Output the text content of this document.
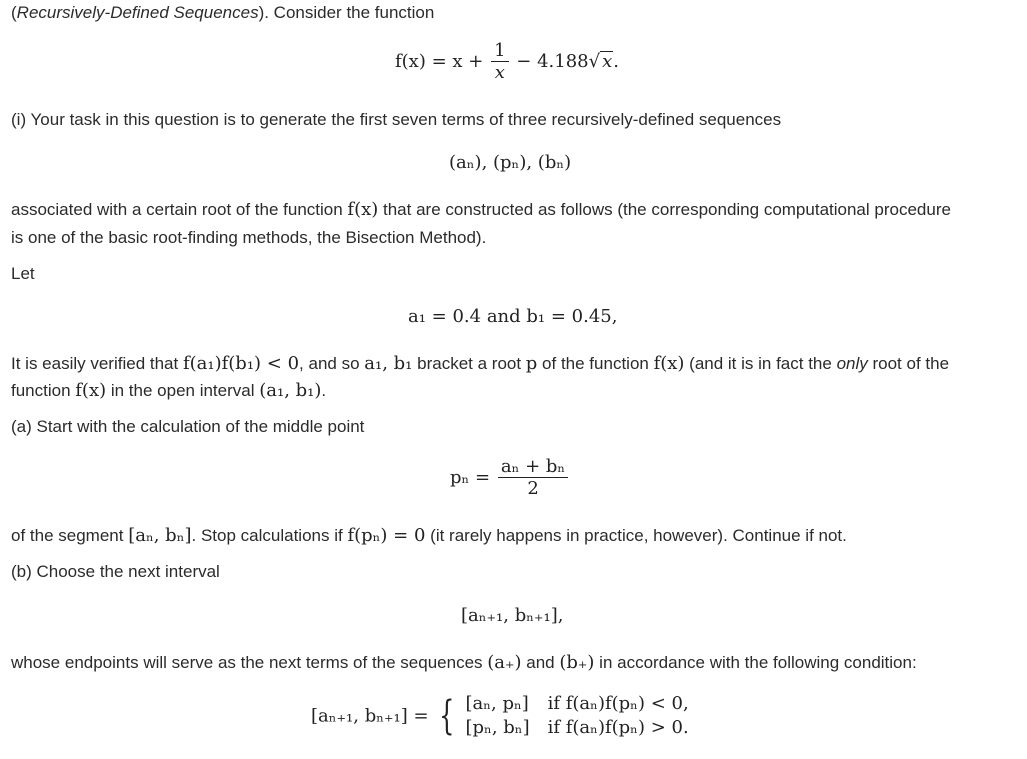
(Recursively-Defined Sequences). Consider the function
$f(x) = x + \frac{1}{x} - 4.188√$ x.
(i) Your task in this question is to generate the first seven terms of three recursively-defined sequences
(aₙ), (pₙ), (bₙ)
associated with a certain root of the function f(x) that are constructed as follows (the corresponding computational procedure
is one of the basic root-finding methods, the Bisection Method).
Let
a₁ = 0.4 and b₁ = 0.45,
It is easily verified that f(a₁)f(b₁) < 0, and so a₁, b₁ bracket a root p of the function f(x) (and it is in fact the only root of the
function f(x) in the open interval (a₁, b₁).
(a) Start with the calculation of the middle point
$p_n = \frac{\text{aₙ + bₙ}}{2}$
of the segment [aₙ, bₙ]. Stop calculations if f(pₙ) = 0 (it rarely happens in practice, however). Continue if not.
(b) Choose the next interval
[aₙ₊₁, bₙ₊₁],
whose endpoints will serve as the next terms of the sequences (a₊) and (b₊) in accordance with the following condition:
[aₙ₊₁, bₙ₊₁] = { [aₙ, pₙ]	if f(aₙ)f(pₙ) < 0,
[pₙ, bₙ]	if f(aₙ)f(pₙ) > 0.
